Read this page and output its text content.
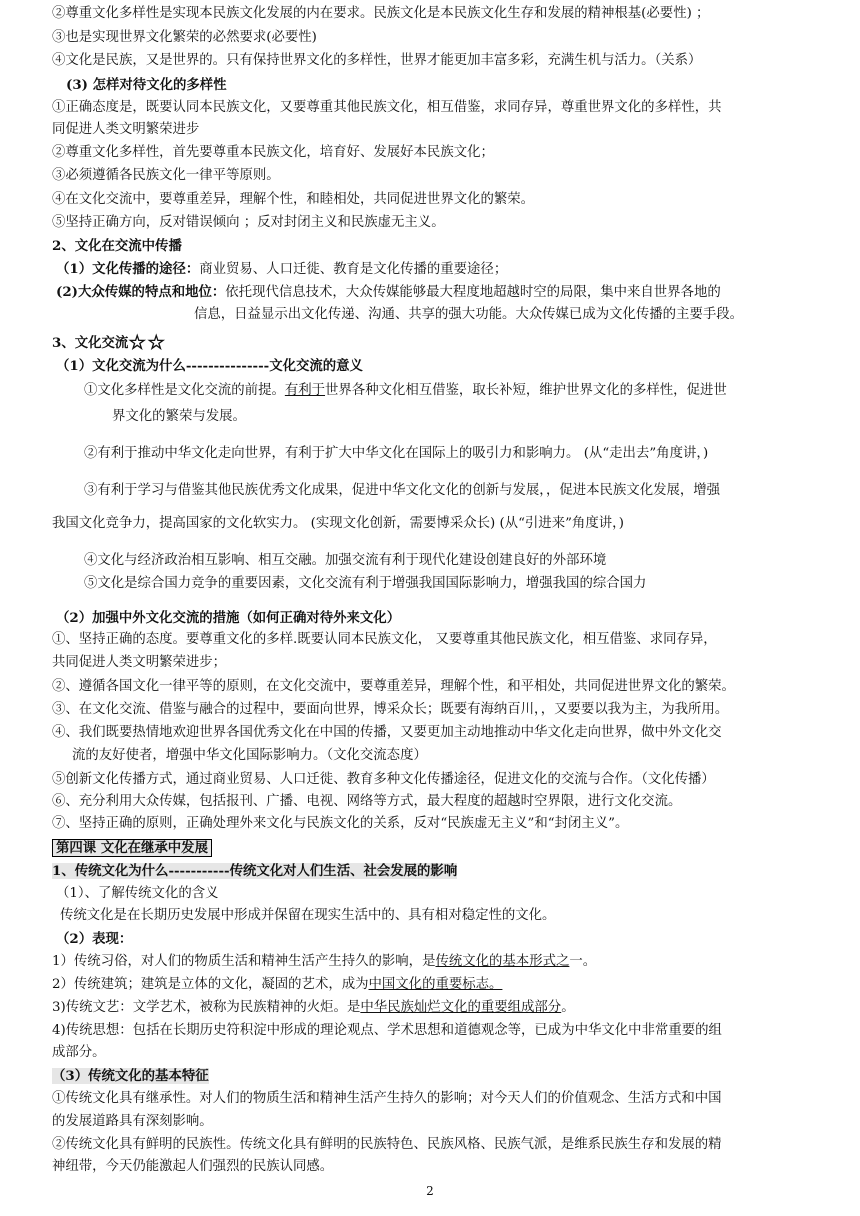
②尊重文化多样性是实现本民族文化发展的内在要求。民族文化是本民族文化生存和发展的精神根基(必要性) ；
③也是实现世界文化繁荣的必然要求(必要性)
④文化是民族，又是世界的。只有保持世界文化的多样性，世界才能更加丰富多彩，充满生机与活力。（关系）
(3) 怎样对待文化的多样性
①正确态度是，既要认同本民族文化，又要尊重其他民族文化，相互借鉴，求同存异，尊重世界文化的多样性，共
同促进人类文明繁荣进步
②尊重文化多样性，首先要尊重本民族文化，培育好、发展好本民族文化；
③必须遵循各民族文化一律平等原则。
④在文化交流中，要尊重差异，理解个性，和睦相处，共同促进世界文化的繁荣。
⑤坚持正确方向，反对错误倾向 ；反对封闭主义和民族虚无主义。
2、文化在交流中传播
（1）文化传播的途径：商业贸易、人口迁徙、教育是文化传播的重要途径；
(2)大众传媒的特点和地位：依托现代信息技术，大众传媒能够最大程度地超越时空的局限，集中来自世界各地的
信息，日益显示出文化传递、沟通、共享的强大功能。大众传媒已成为文化传播的主要手段。
3、文化交流☆☆
（1）文化交流为什么---------------文化交流的意义
①文化多样性是文化交流的前提。有利于世界各种文化相互借鉴，取长补短，维护世界文化的多样性，促进世
界文化的繁荣与发展。
②有利于推动中华文化走向世界，有利于扩大中华文化在国际上的吸引力和影响力。 (从“走出去”角度讲，)
③有利于学习与借鉴其他民族优秀文化成果，促进中华文化文化的创新与发展，，促进本民族文化发展，增强
我国文化竞争力，提高国家的文化软实力。 (实现文化创新，需要博采众长) (从“引进来”角度讲，)
④文化与经济政治相互影响、相互交融。加强交流有利于现代化建设创建良好的外部环境
⑤文化是综合国力竞争的重要因素，文化交流有利于增强我国国际影响力，增强我国的综合国力
（2）加强中外文化交流的措施（如何正确对待外来文化）
①、坚持正确的态度。要尊重文化的多样.既要认同本民族文化， 又要尊重其他民族文化，相互借鉴、求同存异，
共同促进人类文明繁荣进步；
②、遵循各国文化一律平等的原则，在文化交流中，要尊重差异，理解个性，和平相处，共同促进世界文化的繁荣。
③、在文化交流、借鉴与融合的过程中，要面向世界，博采众长；既要有海纳百川，，又要要以我为主，为我所用。
④、我们既要热情地欢迎世界各国优秀文化在中国的传播，又要更加主动地推动中华文化走向世界，做中外文化交
流的友好使者，增强中华文化国际影响力。（文化交流态度）
⑤创新文化传播方式，通过商业贸易、人口迁徙、教育多种文化传播途径，促进文化的交流与合作。（文化传播）
⑥、充分利用大众传媒，包括报刊、广播、电视、网络等方式，最大程度的超越时空界限，进行文化交流。
⑦、坚持正确的原则，正确处理外来文化与民族文化的关系，反对“民族虚无主义”和“封闭主义”。
第四课 文化在继承中发展
1、传统文化为什么-----------传统文化对人们生活、社会发展的影响
（1）、了解传统文化的含义
传统文化是在长期历史发展中形成并保留在现实生活中的、具有相对稳定性的文化。
（2）表现：
1）传统习俗，对人们的物质生活和精神生活产生持久的影响，是传统文化的基本形式之一。
2）传统建筑；建筑是立体的文化，凝固的艺术，成为中国文化的重要标志。
3)传统文艺：文学艺术，被称为民族精神的火炬。是中华民族灿烂文化的重要组成部分。
4)传统思想：包括在长期历史符积淀中形成的理论观点、学术思想和道德观念等，已成为中华文化中非常重要的组
成部分。
（3）传统文化的基本特征
①传统文化具有继承性。对人们的物质生活和精神生活产生持久的影响；对今天人们的价值观念、生活方式和中国
的发展道路具有深刻影响。
②传统文化具有鲜明的民族性。传统文化具有鲜明的民族特色、民族风格、民族气派，是维系民族生存和发展的精
神纽带，今天仍能激起人们强烈的民族认同感。
2
